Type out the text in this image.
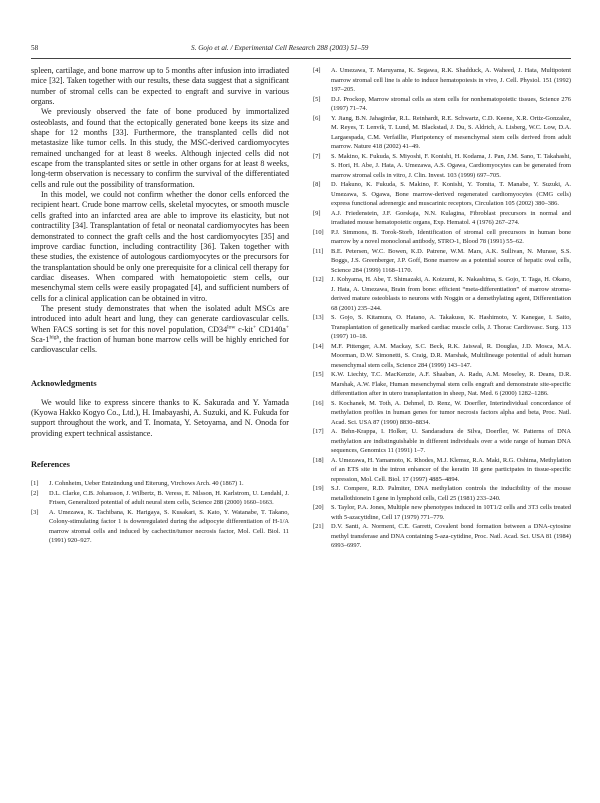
58	S. Gojo et al. / Experimental Cell Research 288 (2003) 51–59

spleen, cartilage, and bone marrow up to 5 months after infusion into irradiated mice [32]. Taken together with our results, these data suggest that a significant number of stromal cells can be expected to engraft and survive in various organs.

We previously observed the fate of bone produced by immortalized osteoblasts, and found that the ectopically generated bone keeps its size and shape for 12 months [33]. Furthermore, the transplanted cells did not metastasize like tumor cells. In this study, the MSC-derived cardiomyocytes remained unchanged for at least 8 weeks. Although injected cells did not escape from the transplanted sites or settle in other organs for at least 8 weeks, long-term observation is necessary to confirm the survival of the differentiated cells and rule out the possibility of transformation.

In this model, we could not confirm whether the donor cells enforced the recipient heart. Crude bone marrow cells, skeletal myocytes, or smooth muscle cells grafted into an infarcted area are able to improve its elasticity, but not contractility [34]. Transplantation of fetal or neonatal cardiomyocytes has been demonstrated to connect the graft cells and the host cardiomyocytes [35] and improve cardiac function, including contractility [36]. Taken together with these studies, the existence of autologous cardiomyocytes or the precursors for the transplantation should be only one prerequisite for a clinical cell therapy for cardiac diseases. When compared with hematopoietic stem cells, our mesenchymal stem cells were easily propagated [4], and sufficient numbers of cells for a clinical application can be obtained in vitro.

The present study demonstrates that when the isolated adult MSCs are introduced into adult heart and lung, they can generate cardiovascular cells. When FACS sorting is set for this novel population, $CD34^{low}$ c-kit+ CD140a+ Sca-$1^{high}$, the fraction of human bone marrow cells will be highly enriched for cardiovascular cells.

Acknowledgments

We would like to express sincere thanks to K. Sakurada and Y. Yamada (Kyowa Hakko Kogyo Co., Ltd.), H. Imabayashi, A. Suzuki, and K. Fukuda for support throughout the work, and T. Inomata, Y. Setoyama, and N. Onoda for providing expert technical assistance.

References
[1] J. Cohnheim, Ueber Entzündung und Eiterung, Virchows Arch. 40 (1867) 1.
[2] D.L. Clarke, C.B. Johansson, J. Wilbertz, B. Veress, E. Nilsson, H. Karlstrom, U. Lendahl, J. Frisen, Generalized potential of adult neural stem cells, Science 288 (2000) 1660–1663.
[3] A. Umezawa, K. Tachibana, K. Harigaya, S. Kusakari, S. Kato, Y. Watanabe, T. Takano, Colony-stimulating factor 1 is downregulated during the adipocyte differentiation of H-1/A marrow stromal cells and induced by cachectin/tumor necrosis factor, Mol. Cell. Biol. 11 (1991) 920–927.
[4] A. Umezawa, T. Maruyama, K. Segawa, R.K. Shadduck, A. Waheed, J. Hata, Multipotent marrow stromal cell line is able to induce hematopoiesis in vivo, J. Cell. Physiol. 151 (1992) 197–205.
[5] D.J. Prockop, Marrow stromal cells as stem cells for nonhematopoietic tissues, Science 276 (1997) 71–74.
[6] Y. Jiang, B.N. Jahagirdar, R.L. Reinhardt, R.E. Schwartz, C.D. Keene, X.R. Ortiz-Gonzalez, M. Reyes, T. Lenvik, T. Lund, M. Blackstad, J. Du, S. Aldrich, A. Lisberg, W.C. Low, D.A. Largaespada, C.M. Verfaillie, Pluripotency of mesenchymal stem cells derived from adult marrow. Nature 418 (2002) 41–49.
[7] S. Makino, K. Fukuda, S. Miyoshi, F. Konishi, H. Kodama, J. Pan, J.M. Sano, T. Takahashi, S. Hori, H. Abe, J. Hata, A. Umezawa, A.S. Ogawa, Cardiomyocytes can be generated from marrow stromal cells in vitro, J. Clin. Invest. 103 (1999) 697–705.
[8] D. Hakuno, K. Fukuda, S. Makino, F. Konishi, Y. Tomita, T. Manabe, Y. Suzuki, A. Umezawa, S. Ogawa, Bone marrow-derived regenerated cardiomyocytes (CMG cells) express functional adrenergic and muscarinic receptors, Circulation 105 (2002) 380–386.
[9] A.J. Friedenstein, J.F. Gorskaja, N.N. Kulagina, Fibroblast precursors in normal and irradiated mouse hematopoietic organs, Exp. Hematol. 4 (1976) 267–274.
[10] P.J. Simmons, B. Torok-Storb, Identification of stromal cell precursors in human bone marrow by a novel monoclonal antibody, STRO-1, Blood 78 (1991) 55–62.
[11] B.E. Petersen, W.C. Bowen, K.D. Patrene, W.M. Mars, A.K. Sullivan, N. Murase, S.S. Boggs, J.S. Greenberger, J.P. Goff, Bone marrow as a potential source of hepatic oval cells, Science 284 (1999) 1168–1170.
[12] J. Kohyama, H. Abe, T. Shimazaki, A. Koizumi, K. Nakashima, S. Gojo, T. Taga, H. Okano, J. Hata, A. Umezawa, Brain from bone: efficient “meta-differentiation” of marrow stroma-derived mature osteoblasts to neurons with Noggin or a demethylating agent, Differentiation 68 (2001) 235–244.
[13] S. Gojo, S. Kitamura, O. Hatano, A. Takakusu, K. Hashimoto, Y. Kanegae, I. Saito, Transplantation of genetically marked cardiac muscle cells, J. Thorac Cardiovasc. Surg. 113 (1997) 10–18.
[14] M.F. Pittenger, A.M. Mackay, S.C. Beck, R.K. Jaiswal, R. Douglas, J.D. Mosca, M.A. Moorman, D.W. Simonetti, S. Craig, D.R. Marshak, Multilineage potential of adult human mesenchymal stem cells, Science 284 (1999) 143–147.
[15] K.W. Liechty, T.C. MacKenzie, A.F. Shaaban, A. Radu, A.M. Moseley, R. Deans, D.R. Marshak, A.W. Flake, Human mesenchymal stem cells engraft and demonstrate site-specific differentiation after in utero transplantation in sheep, Nat. Med. 6 (2000) 1282–1286.
[16] S. Kochanek, M. Toth, A. Dehmel, D. Renz, W. Doerfler, Interindividual concordance of methylation profiles in human genes for tumor necrosis factors alpha and beta, Proc. Natl. Acad. Sci. USA 87 (1990) 8830–8834.
[17] A. Behn-Krappa, I. Holker, U. Sandaradura de Silva, Doerfler, W. Patterns of DNA methylation are indistinguishable in different individuals over a wide range of human DNA sequences, Genomics 11 (1991) 1–7.
[18] A. Umezawa, H. Yamamoto, K. Rhodes, M.J. Klemsz, R.A. Maki, R.G. Oshima, Methylation of an ETS site in the intron enhancer of the keratin 18 gene participates in tissue-specific repression, Mol. Cell. Biol. 17 (1997) 4885–4894.
[19] S.J. Compere, R.D. Palmiter, DNA methylation controls the inducibility of the mouse metallothionein I gene in lymphoid cells, Cell 25 (1981) 233–240.
[20] S. Taylor, P.A. Jones, Multiple new phenotypes induced in 10T1/2 cells and 3T3 cells treated with 5-azacytidine, Cell 17 (1979) 771–779.
[21] D.V. Santi, A. Norment, C.E. Garrett, Covalent bond formation between a DNA-cytosine methyl transferase and DNA containing 5-aza-cytidine, Proc. Natl. Acad. Sci. USA 81 (1984) 6993–6997.
